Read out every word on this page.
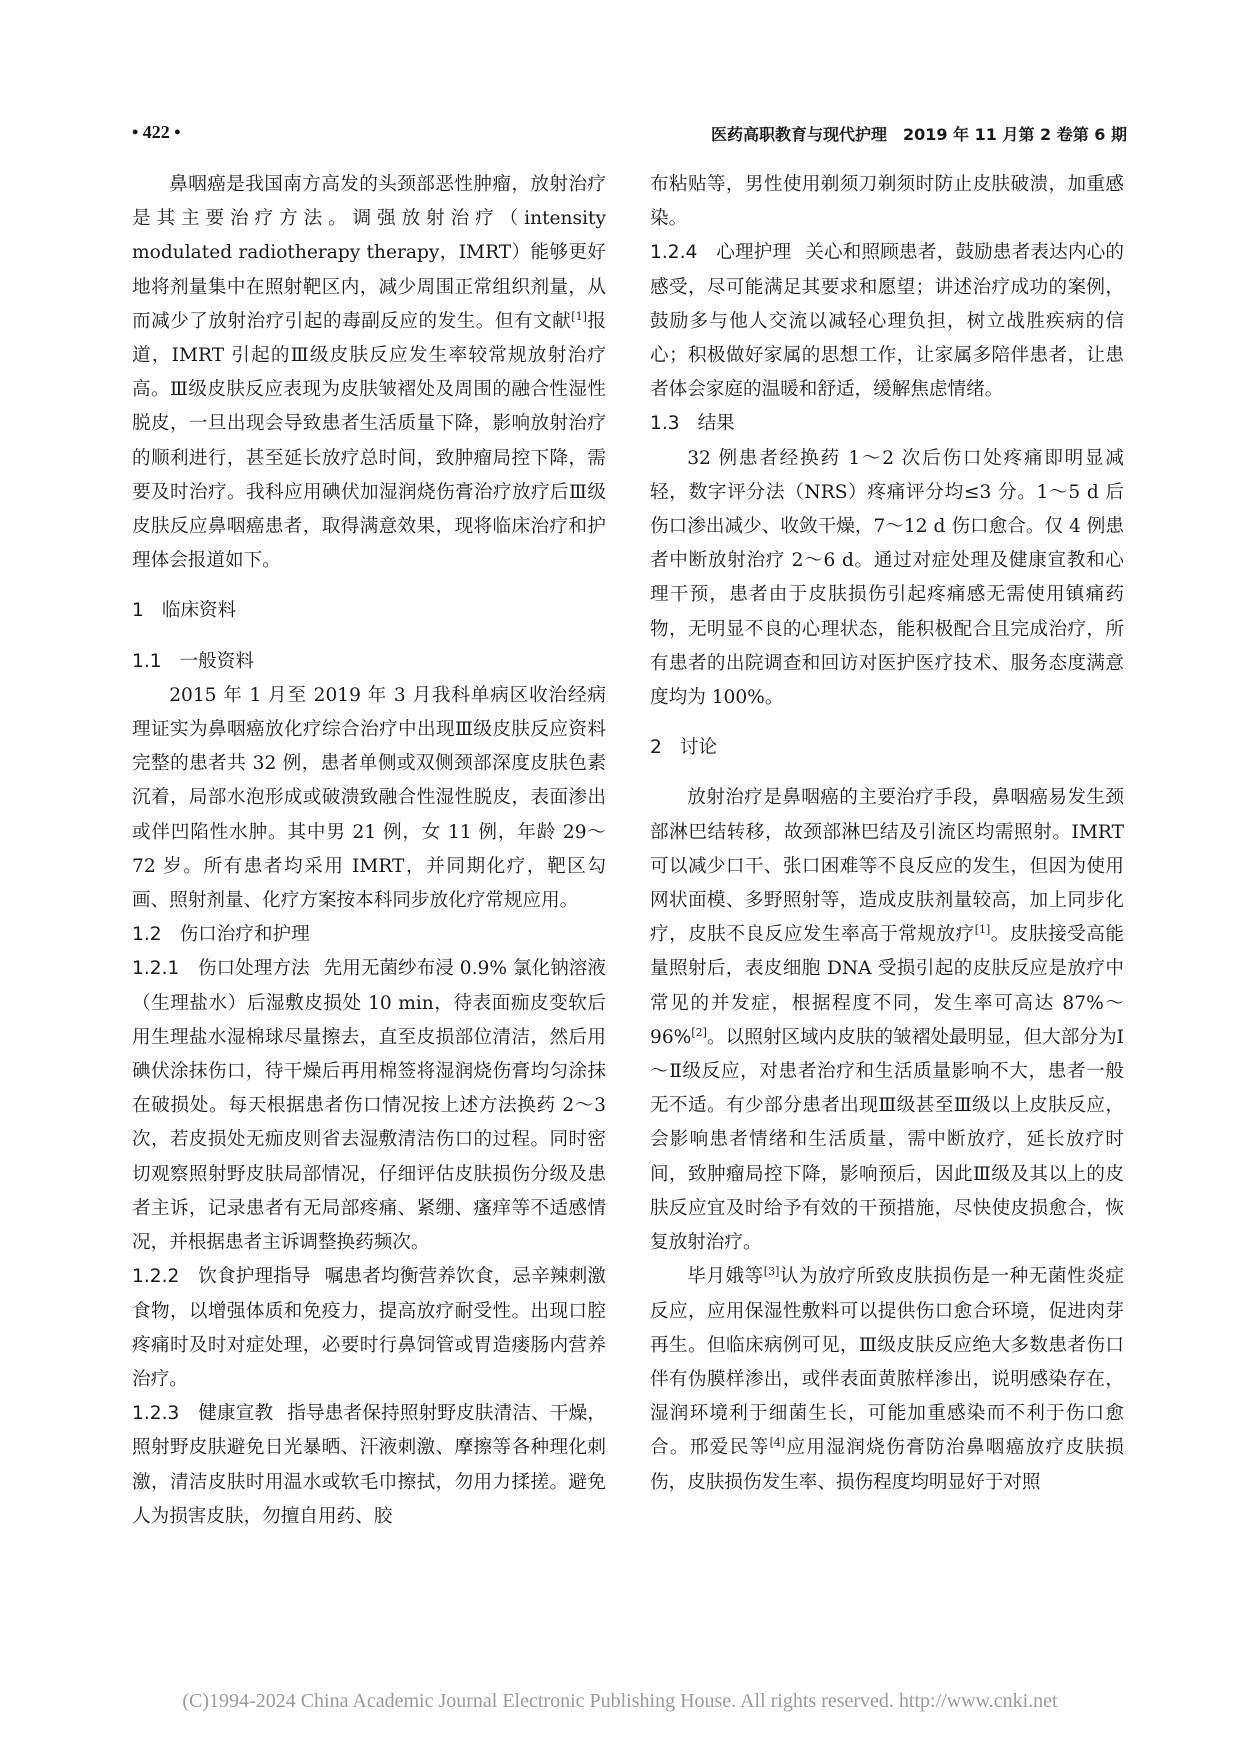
• 422 •	医药高职教育与现代护理　2019 年 11 月第 2 卷第 6 期

鼻咽癌是我国南方高发的头颈部恶性肿瘤，放射治疗是其主要治疗方法。调强放射治疗（intensity modulated radiotherapy therapy，IMRT）能够更好地将剂量集中在照射靶区内，减少周围正常组织剂量，从而减少了放射治疗引起的毒副反应的发生。但有文献[1]报道，IMRT 引起的Ⅲ级皮肤反应发生率较常规放射治疗高。Ⅲ级皮肤反应表现为皮肤皱褶处及周围的融合性湿性脱皮，一旦出现会导致患者生活质量下降，影响放射治疗的顺利进行，甚至延长放疗总时间，致肿瘤局控下降，需要及时治疗。我科应用碘伏加湿润烧伤膏治疗放疗后Ⅲ级皮肤反应鼻咽癌患者，取得满意效果，现将临床治疗和护理体会报道如下。

1 临床资料

1.1 一般资料

2015 年 1 月至 2019 年 3 月我科单病区收治经病理证实为鼻咽癌放化疗综合治疗中出现Ⅲ级皮肤反应资料完整的患者共 32 例，患者单侧或双侧颈部深度皮肤色素沉着，局部水泡形成或破溃致融合性湿性脱皮，表面渗出或伴凹陷性水肿。其中男 21 例，女 11 例，年龄 29～72 岁。所有患者均采用 IMRT，并同期化疗，靶区勾画、照射剂量、化疗方案按本科同步放化疗常规应用。

1.2 伤口治疗和护理

1.2.1　伤口处理方法 先用无菌纱布浸 0.9% 氯化钠溶液（生理盐水）后湿敷皮损处 10 min，待表面痂皮变软后用生理盐水湿棉球尽量擦去，直至皮损部位清洁，然后用碘伏涂抹伤口，待干燥后再用棉签将湿润烧伤膏均匀涂抹在破损处。每天根据患者伤口情况按上述方法换药 2～3 次，若皮损处无痂皮则省去湿敷清洁伤口的过程。同时密切观察照射野皮肤局部情况，仔细评估皮肤损伤分级及患者主诉，记录患者有无局部疼痛、紧绷、瘙痒等不适感情况，并根据患者主诉调整换药频次。

1.2.2　饮食护理指导 嘱患者均衡营养饮食，忌辛辣刺激食物，以增强体质和免疫力，提高放疗耐受性。出现口腔疼痛时及时对症处理，必要时行鼻饲管或胃造瘘肠内营养治疗。

1.2.3　健康宣教 指导患者保持照射野皮肤清洁、干燥，照射野皮肤避免日光暴晒、汗液刺激、摩擦等各种理化刺激，清洁皮肤时用温水或软毛巾擦拭，勿用力揉搓。避免人为损害皮肤，勿擅自用药、胶

布粘贴等，男性使用剃须刀剃须时防止皮肤破溃，加重感染。

1.2.4　心理护理 关心和照顾患者，鼓励患者表达内心的感受，尽可能满足其要求和愿望；讲述治疗成功的案例，鼓励多与他人交流以减轻心理负担，树立战胜疾病的信心；积极做好家属的思想工作，让家属多陪伴患者，让患者体会家庭的温暖和舒适，缓解焦虑情绪。

1.3 结果

32 例患者经换药 1～2 次后伤口处疼痛即明显减轻，数字评分法（NRS）疼痛评分均≤3 分。1～5 d 后伤口渗出减少、收敛干燥，7～12 d 伤口愈合。仅 4 例患者中断放射治疗 2～6 d。通过对症处理及健康宣教和心理干预，患者由于皮肤损伤引起疼痛感无需使用镇痛药物，无明显不良的心理状态，能积极配合且完成治疗，所有患者的出院调查和回访对医护医疗技术、服务态度满意度均为 100%。

2 讨论

放射治疗是鼻咽癌的主要治疗手段，鼻咽癌易发生颈部淋巴结转移，故颈部淋巴结及引流区均需照射。IMRT 可以减少口干、张口困难等不良反应的发生，但因为使用网状面模、多野照射等，造成皮肤剂量较高，加上同步化疗，皮肤不良反应发生率高于常规放疗[1]。皮肤接受高能量照射后，表皮细胞 DNA 受损引起的皮肤反应是放疗中常见的并发症，根据程度不同，发生率可高达 87%～96%[2]。以照射区域内皮肤的皱褶处最明显，但大部分为Ⅰ～Ⅱ级反应，对患者治疗和生活质量影响不大，患者一般无不适。有少部分患者出现Ⅲ级甚至Ⅲ级以上皮肤反应，会影响患者情绪和生活质量，需中断放疗，延长放疗时间，致肿瘤局控下降，影响预后，因此Ⅲ级及其以上的皮肤反应宜及时给予有效的干预措施，尽快使皮损愈合，恢复放射治疗。

毕月娥等[3]认为放疗所致皮肤损伤是一种无菌性炎症反应，应用保湿性敷料可以提供伤口愈合环境，促进肉芽再生。但临床病例可见，Ⅲ级皮肤反应绝大多数患者伤口伴有伪膜样渗出，或伴表面黄脓样渗出，说明感染存在，湿润环境利于细菌生长，可能加重感染而不利于伤口愈合。邢爱民等[4]应用湿润烧伤膏防治鼻咽癌放疗皮肤损伤，皮肤损伤发生率、损伤程度均明显好于对照

(C)1994-2024 China Academic Journal Electronic Publishing House. All rights reserved. http://www.cnki.net
